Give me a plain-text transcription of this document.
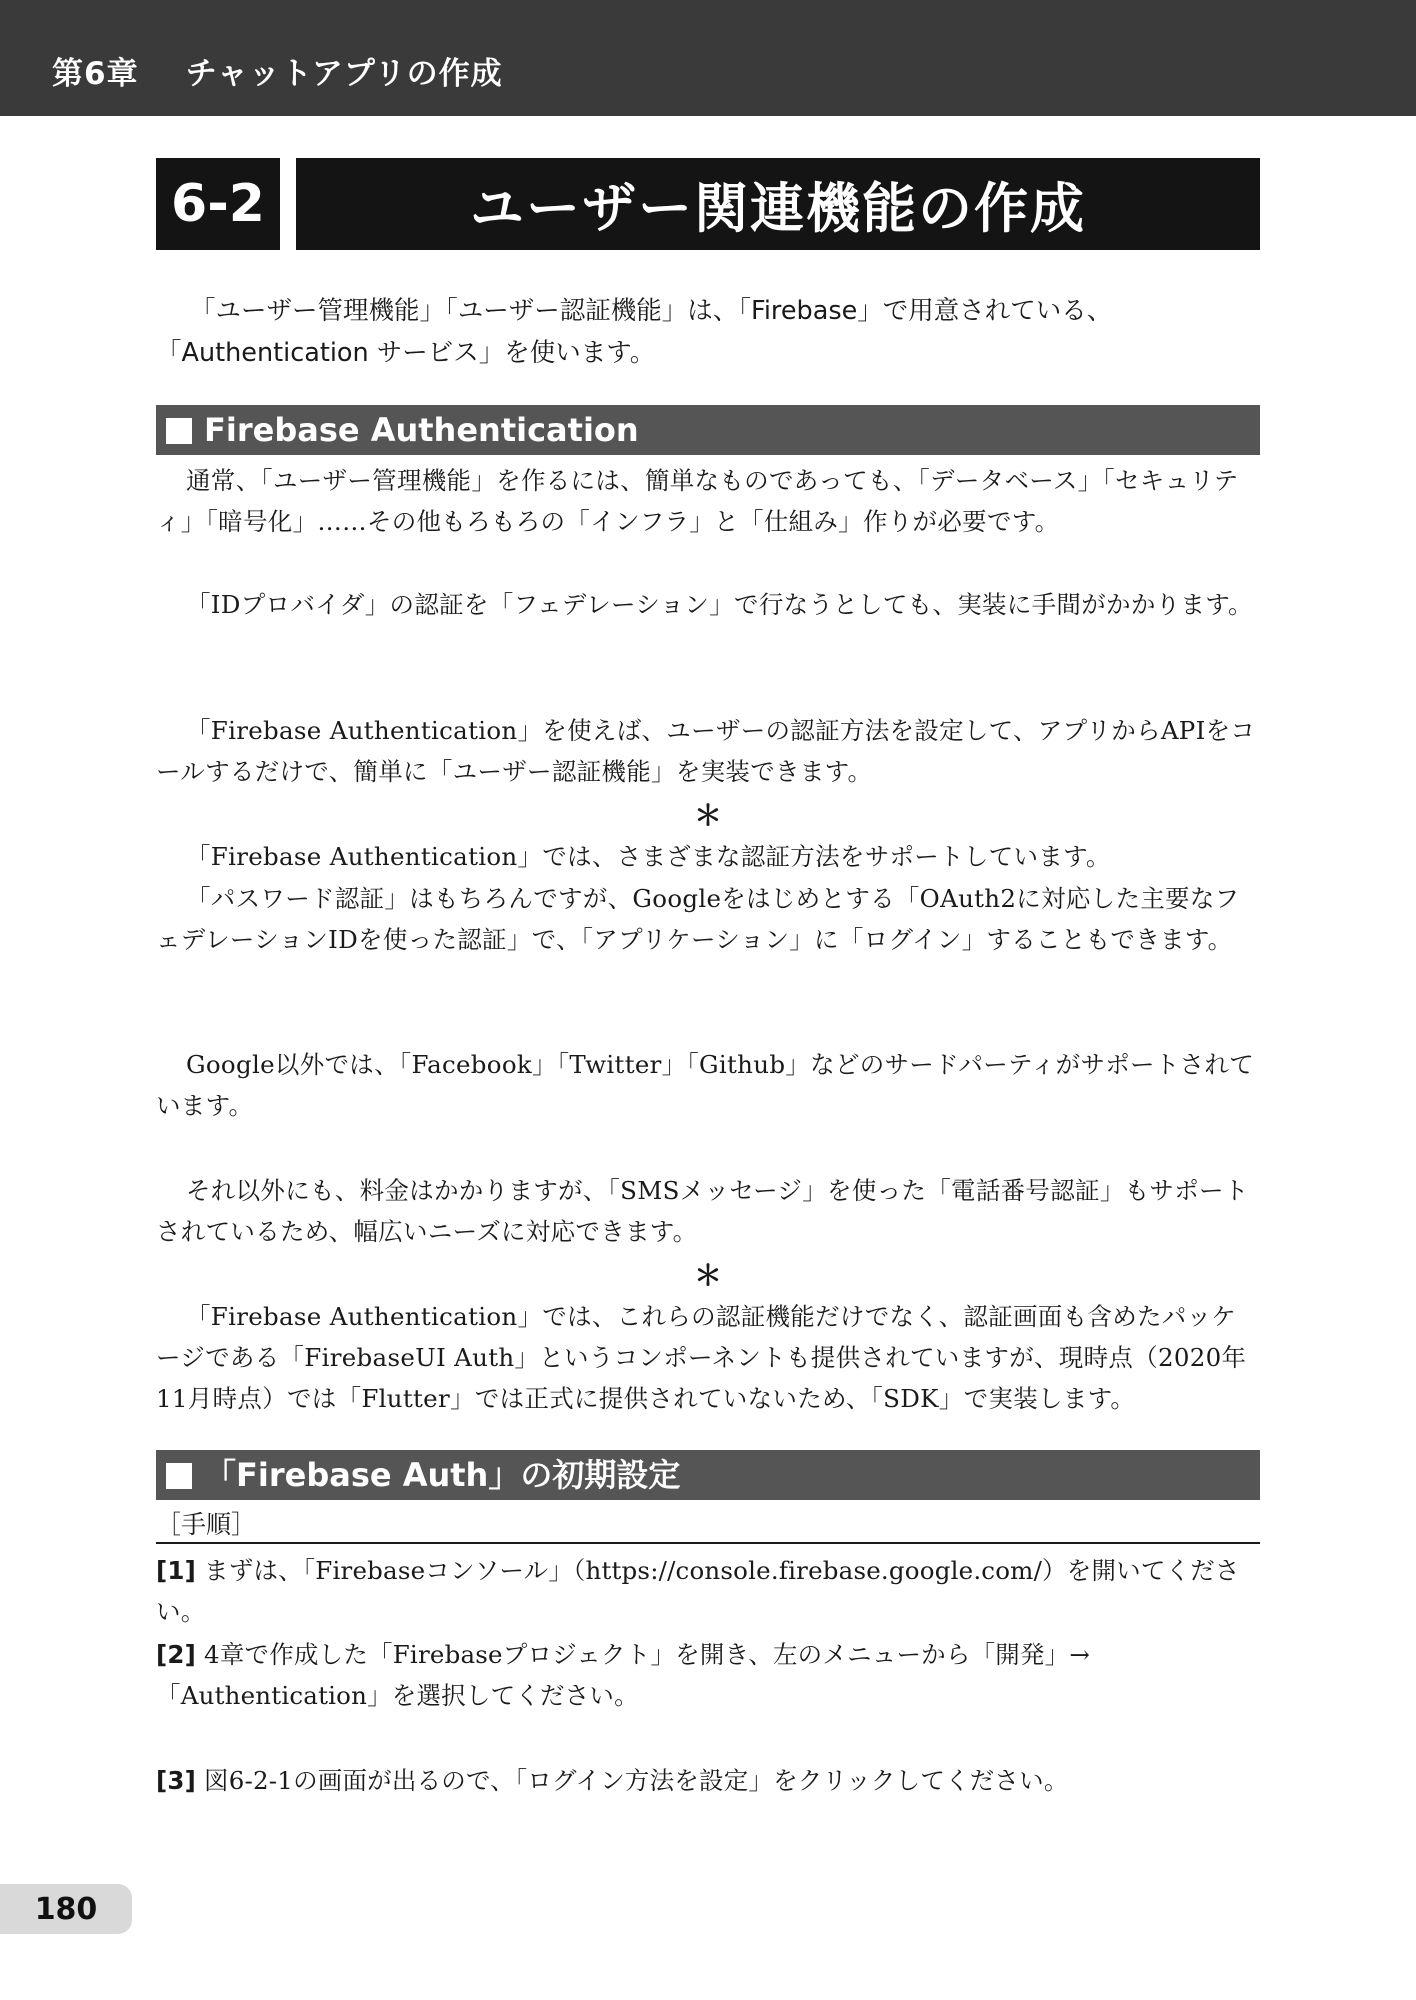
第6章 チャットアプリの作成
6-2	ユーザー関連機能の作成

「ユーザー管理機能」「ユーザー認証機能」は、「Firebase」で用意されている、「Authentication サービス」を使います。

Firebase Authentication

通常、「ユーザー管理機能」を作るには、簡単なものであっても、「データベース」「セキュリティ」「暗号化」……その他もろもろの「インフラ」と「仕組み」作りが必要です。

「IDプロバイダ」の認証を「フェデレーション」で行なうとしても、実装に手間がかかります。

「Firebase Authentication」を使えば、ユーザーの認証方法を設定して、アプリからAPIをコールするだけで、簡単に「ユーザー認証機能」を実装できます。

＊

「Firebase Authentication」では、さまざまな認証方法をサポートしています。

「パスワード認証」はもちろんですが、Googleをはじめとする「OAuth2に対応した主要なフェデレーションIDを使った認証」で、「アプリケーション」に「ログイン」することもできます。

Google以外では、「Facebook」「Twitter」「Github」などのサードパーティがサポートされています。

それ以外にも、料金はかかりますが、「SMSメッセージ」を使った「電話番号認証」もサポートされているため、幅広いニーズに対応できます。

＊

「Firebase Authentication」では、これらの認証機能だけでなく、認証画面も含めたパッケージである「FirebaseUI Auth」というコンポーネントも提供されていますが、現時点（2020年11月時点）では「Flutter」では正式に提供されていないため、「SDK」で実装します。

「Firebase Auth」の初期設定
［手順］

[1] まずは、「Firebaseコンソール」（https://console.firebase.google.com/）を開いてください。

[2] 4章で作成した「Firebaseプロジェクト」を開き、左のメニューから「開発」→「Authentication」を選択してください。

[3] 図6-2-1の画面が出るので、「ログイン方法を設定」をクリックしてください。

180
